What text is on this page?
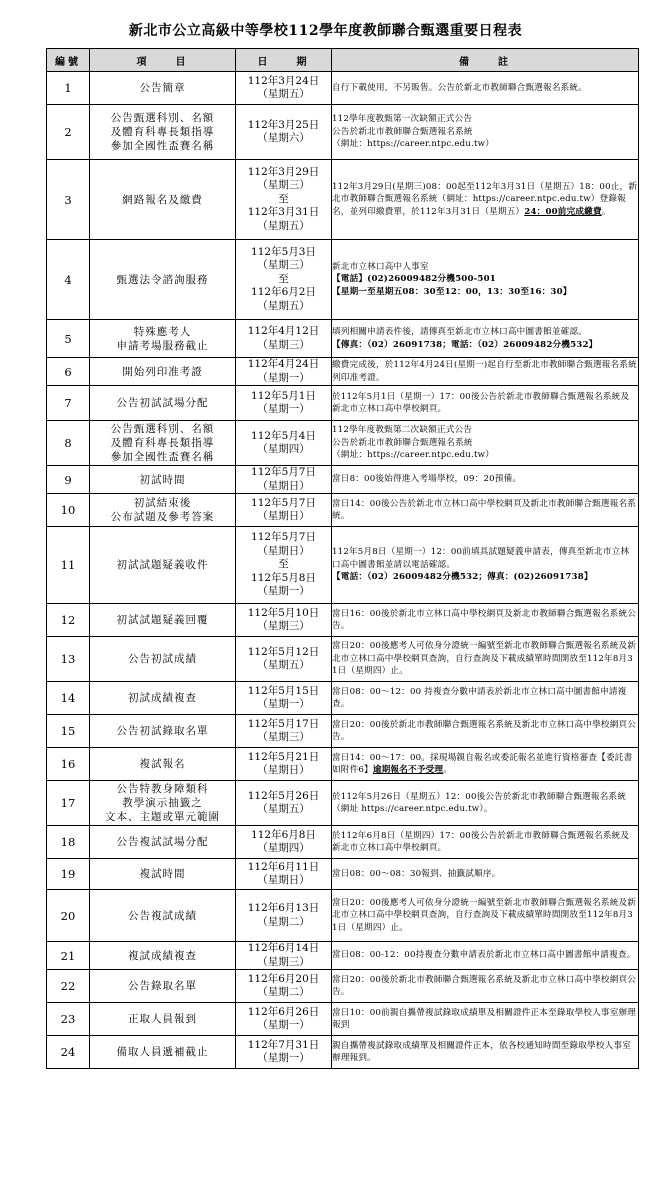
新北市公立高級中等學校112學年度教師聯合甄選重要日程表
編號	項　　目	日　　期	備　　註
1	公告簡章	112年3月24日
（星期五）	自行下載使用，不另販售。公告於新北市教師聯合甄選報名系統。
2	公告甄選科別、名額
及體育科專長類指導
參加全國性盃賽名稱	112年3月25日
（星期六）	112學年度教甄第一次缺額正式公告
公告於新北市教師聯合甄選報名系統
（網址：https://career.ntpc.edu.tw）

3	網路報名及繳費	112年3月29日
（星期三）
至
112年3月31日
（星期五）	112年3月29日(星期三)08：00起至112年3月31日（星期五）18：00止，新北市教師聯合甄選報名系統（網址：https://career.ntpc.edu.tw）登錄報名，並列印繳費單，於112年3月31日（星期五）24：00前完成繳費。
4	甄選法令諮詢服務	112年5月3日
（星期三）
至
112年6月2日
（星期五）	新北市立林口高中人事室
【電話】(02)26009482分機500-501
【星期一至星期五08：30至12：00，13：30至16：30】

5	特殊應考人
申請考場服務截止	112年4月12日
（星期三）	填列相關申請表件後，請傳真至新北市立林口高中圖書館並確認。
【傳真：（02）26091738；電話：（02）26009482分機532】

6	開始列印准考證	112年4月24日
（星期一）	繳費完成後，於112年4月24日(星期一)起自行至新北市教師聯合甄選報名系統列印准考證。
7	公告初試試場分配	112年5月1日
（星期一）	於112年5月1日（星期一）17：00後公告於新北市教師聯合甄選報名系統及新北市立林口高中學校網頁。
8	公告甄選科別、名額
及體育科專長類指導
參加全國性盃賽名稱	112年5月4日
（星期四）	112學年度教甄第二次缺額正式公告
公告於新北市教師聯合甄選報名系統
（網址：https://career.ntpc.edu.tw）

9	初試時間	112年5月7日
（星期日）	當日8：00後始得進入考場學校，09：20預備。
10	初試結束後
公布試題及參考答案	112年5月7日
（星期日）	當日14：00後公告於新北市立林口高中學校網頁及新北市教師聯合甄選報名系統。
11	初試試題疑義收件	112年5月7日
（星期日）
至
112年5月8日
（星期一）	112年5月8日（星期一）12：00前填具試題疑義申請表，傳真至新北市立林口高中圖書館並請以電話確認。
【電話：（02）26009482分機532；傳真：(02)26091738】

12	初試試題疑義回覆	112年5月10日
（星期三）	當日16：00後於新北市立林口高中學校網頁及新北市教師聯合甄選報名系統公告。
13	公告初試成績	112年5月12日
（星期五）	當日20：00後應考人可依身分證統一編號至新北市教師聯合甄選報名系統及新北市立林口高中學校網頁查詢，自行查詢及下載成績單時間開放至112年8月31日（星期四）止。
14	初試成績複查	112年5月15日
（星期一）	當日08：00～12：00 持複查分數申請表於新北市立林口高中圖書館申請複查。
15	公告初試錄取名單	112年5月17日
（星期三）	當日20：00後於新北市教師聯合甄選報名系統及新北市立林口高中學校網頁公告。
16	複試報名	112年5月21日
（星期日）	當日14：00～17：00。採現場親自報名或委託報名並進行資格審查【委託書如附件6】逾期報名不予受理。
17	公告特教身障類科
教學演示抽籤之
文本、主題或單元範圍	112年5月26日
（星期五）	於112年5月26日（星期五）12：00後公告於新北市教師聯合甄選報名系統（網址 https://career.ntpc.edu.tw）。
18	公告複試試場分配	112年6月8日
（星期四）	於112年6月8日（星期四）17：00後公告於新北市教師聯合甄選報名系統及新北市立林口高中學校網頁。
19	複試時間	112年6月11日
（星期日）	當日08：00～08：30報到、抽籤試順序。
20	公告複試成績	112年6月13日
（星期二）	當日20：00後應考人可依身分證統一編號至新北市教師聯合甄選報名系統及新北市立林口高中學校網頁查詢，自行查詢及下載成績單時間開放至112年8月31日（星期四）止。
21	複試成績複查	112年6月14日
（星期三）	當日08：00-12：00持複查分數申請表於新北市立林口高中圖書館申請複查。
22	公告錄取名單	112年6月20日
（星期二）	當日20：00後於新北市教師聯合甄選報名系統及新北市立林口高中學校網頁公告。
23	正取人員報到	112年6月26日
（星期一）	當日10：00前親自攜帶複試錄取成績單及相關證件正本至錄取學校人事室辦理報到
24	備取人員遞補截止	112年7月31日
（星期一）	親自攜帶複試錄取成績單及相關證件正本，依各校通知時間至錄取學校人事室辦理報到。
